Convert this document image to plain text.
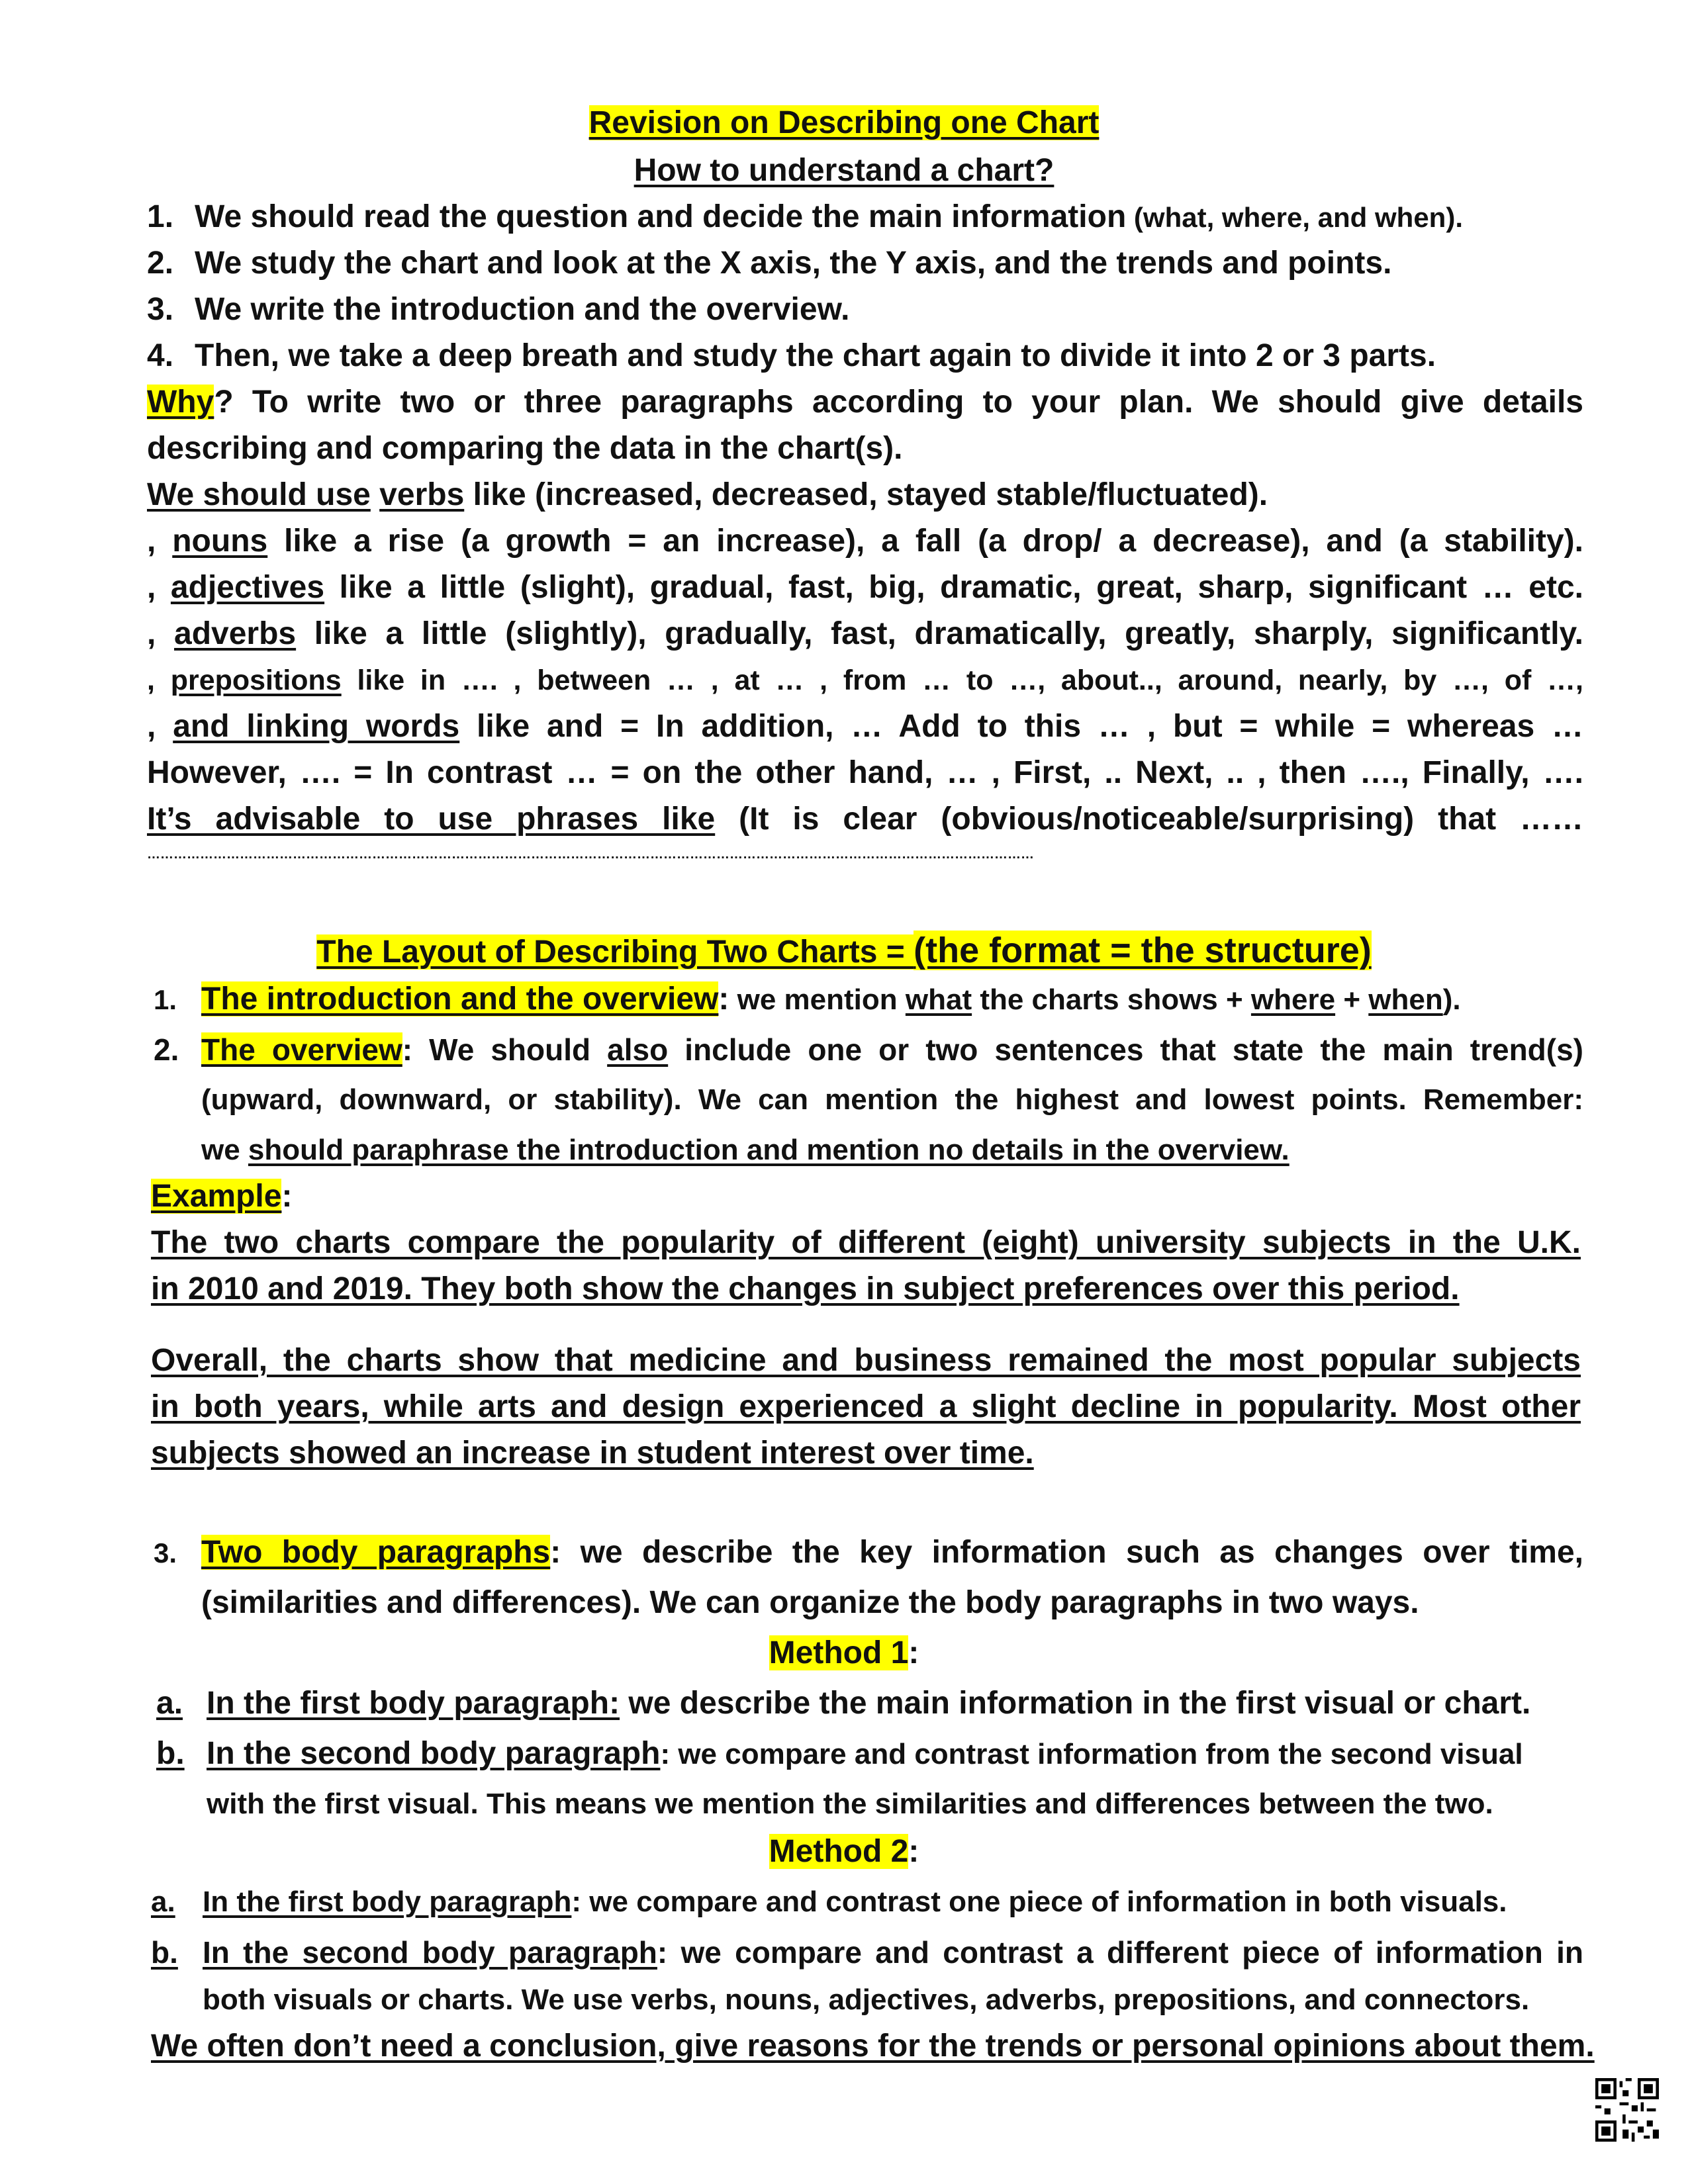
Revision on Describing one Chart
How to understand a chart?
1. We should read the question and decide the main information (what, where, and when).
2. We study the chart and look at the X axis, the Y axis, and the trends and points.
3. We write the introduction and the overview.
4. Then, we take a deep breath and study the chart again to divide it into 2 or 3 parts.
Why? To write two or three paragraphs according to your plan. We should give details
describing and comparing the data in the chart(s).
We should use verbs like (increased, decreased, stayed stable/fluctuated).
, nouns like a rise (a growth = an increase), a fall (a drop/ a decrease), and (a stability).
, adjectives like a little (slight), gradual, fast, big, dramatic, great, sharp, significant … etc.
, adverbs like a little (slightly), gradually, fast, dramatically, greatly, sharply, significantly.
, prepositions like in …. , between … , at … , from … to …, about.., around, nearly, by …, of …,
, and linking words like and = In addition, … Add to this … , but = while = whereas …
However, …. = In contrast … = on the other hand, … , First, .. Next, .. , then …., Finally, ….
It’s advisable to use phrases like (It is clear (obvious/noticeable/surprising) that ……
…………………………………………………………………………………………………………………………………………………………………………………
The Layout of Describing Two Charts = (the format = the structure)
1. The introduction and the overview: we mention what the charts shows + where + when).
2. The overview: We should also include one or two sentences that state the main trend(s)
(upward, downward, or stability). We can mention the highest and lowest points. Remember:
we should paraphrase the introduction and mention no details in the overview.
Example:
The two charts compare the popularity of different (eight) university subjects in the U.K.
in 2010 and 2019. They both show the changes in subject preferences over this period.
Overall, the charts show that medicine and business remained the most popular subjects
in both years, while arts and design experienced a slight decline in popularity. Most other
subjects showed an increase in student interest over time.
3. Two body paragraphs: we describe the key information such as changes over time,
(similarities and differences). We can organize the body paragraphs in two ways.
Method 1:
a. In the first body paragraph: we describe the main information in the first visual or chart.
b. In the second body paragraph: we compare and contrast information from the second visual
with the first visual. This means we mention the similarities and differences between the two.
Method 2:
a. In the first body paragraph: we compare and contrast one piece of information in both visuals.
b. In the second body paragraph: we compare and contrast a different piece of information in
both visuals or charts. We use verbs, nouns, adjectives, adverbs, prepositions, and connectors.
We often don’t need a conclusion, give reasons for the trends or personal opinions about them.
